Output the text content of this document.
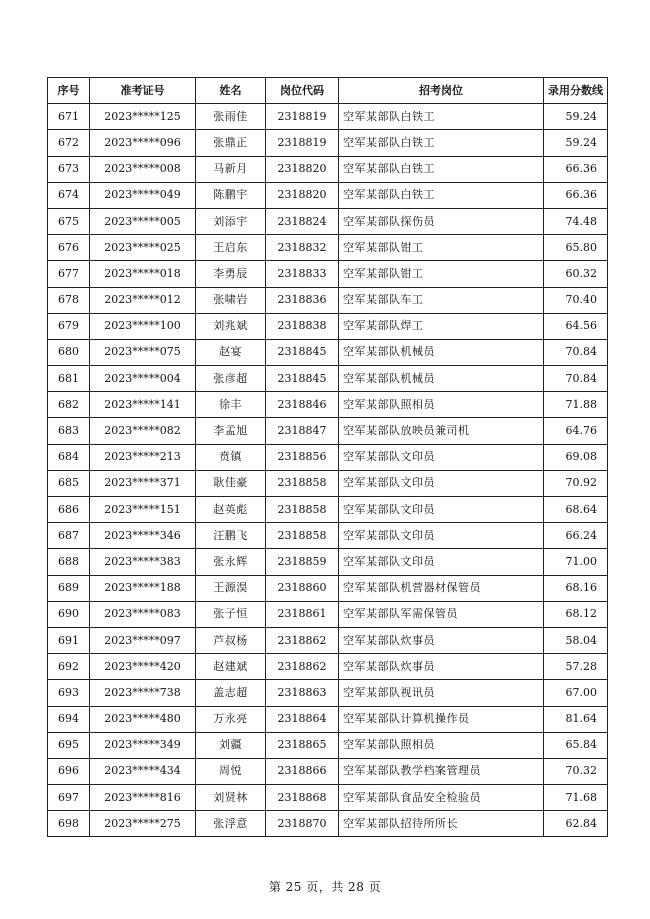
序号	准考证号	姓名	岗位代码	招考岗位	录用分数线
671	2023*****125	张雨佳	2318819	空军某部队白铁工	59.24
672	2023*****096	张鼎正	2318819	空军某部队白铁工	59.24
673	2023*****008	马新月	2318820	空军某部队白铁工	66.36
674	2023*****049	陈鹏宇	2318820	空军某部队白铁工	66.36
675	2023*****005	刘添宇	2318824	空军某部队探伤员	74.48
676	2023*****025	王启东	2318832	空军某部队钳工	65.80
677	2023*****018	李勇辰	2318833	空军某部队钳工	60.32
678	2023*****012	张啸岩	2318836	空军某部队车工	70.40
679	2023*****100	刘兆斌	2318838	空军某部队焊工	64.56
680	2023*****075	赵宴	2318845	空军某部队机械员	70.84
681	2023*****004	张彦超	2318845	空军某部队机械员	70.84
682	2023*****141	徐丰	2318846	空军某部队照相员	71.88
683	2023*****082	李孟旭	2318847	空军某部队放映员兼司机	64.76
684	2023*****213	贲镇	2318856	空军某部队文印员	69.08
685	2023*****371	耿佳豪	2318858	空军某部队文印员	70.92
686	2023*****151	赵英彪	2318858	空军某部队文印员	68.64
687	2023*****346	汪鹏飞	2318858	空军某部队文印员	66.24
688	2023*****383	张永辉	2318859	空军某部队文印员	71.00
689	2023*****188	王源淏	2318860	空军某部队机营器材保管员	68.16
690	2023*****083	张子恒	2318861	空军某部队军需保管员	68.12
691	2023*****097	芦叔杨	2318862	空军某部队炊事员	58.04
692	2023*****420	赵建斌	2318862	空军某部队炊事员	57.28
693	2023*****738	盖志超	2318863	空军某部队视讯员	67.00
694	2023*****480	万永亮	2318864	空军某部队计算机操作员	81.64
695	2023*****349	刘疆	2318865	空军某部队照相员	65.84
696	2023*****434	周悦	2318866	空军某部队教学档案管理员	70.32
697	2023*****816	刘贤林	2318868	空军某部队食品安全检验员	71.68
698	2023*****275	张浮意	2318870	空军某部队招待所所长	62.84
第 25 页，共 28 页
